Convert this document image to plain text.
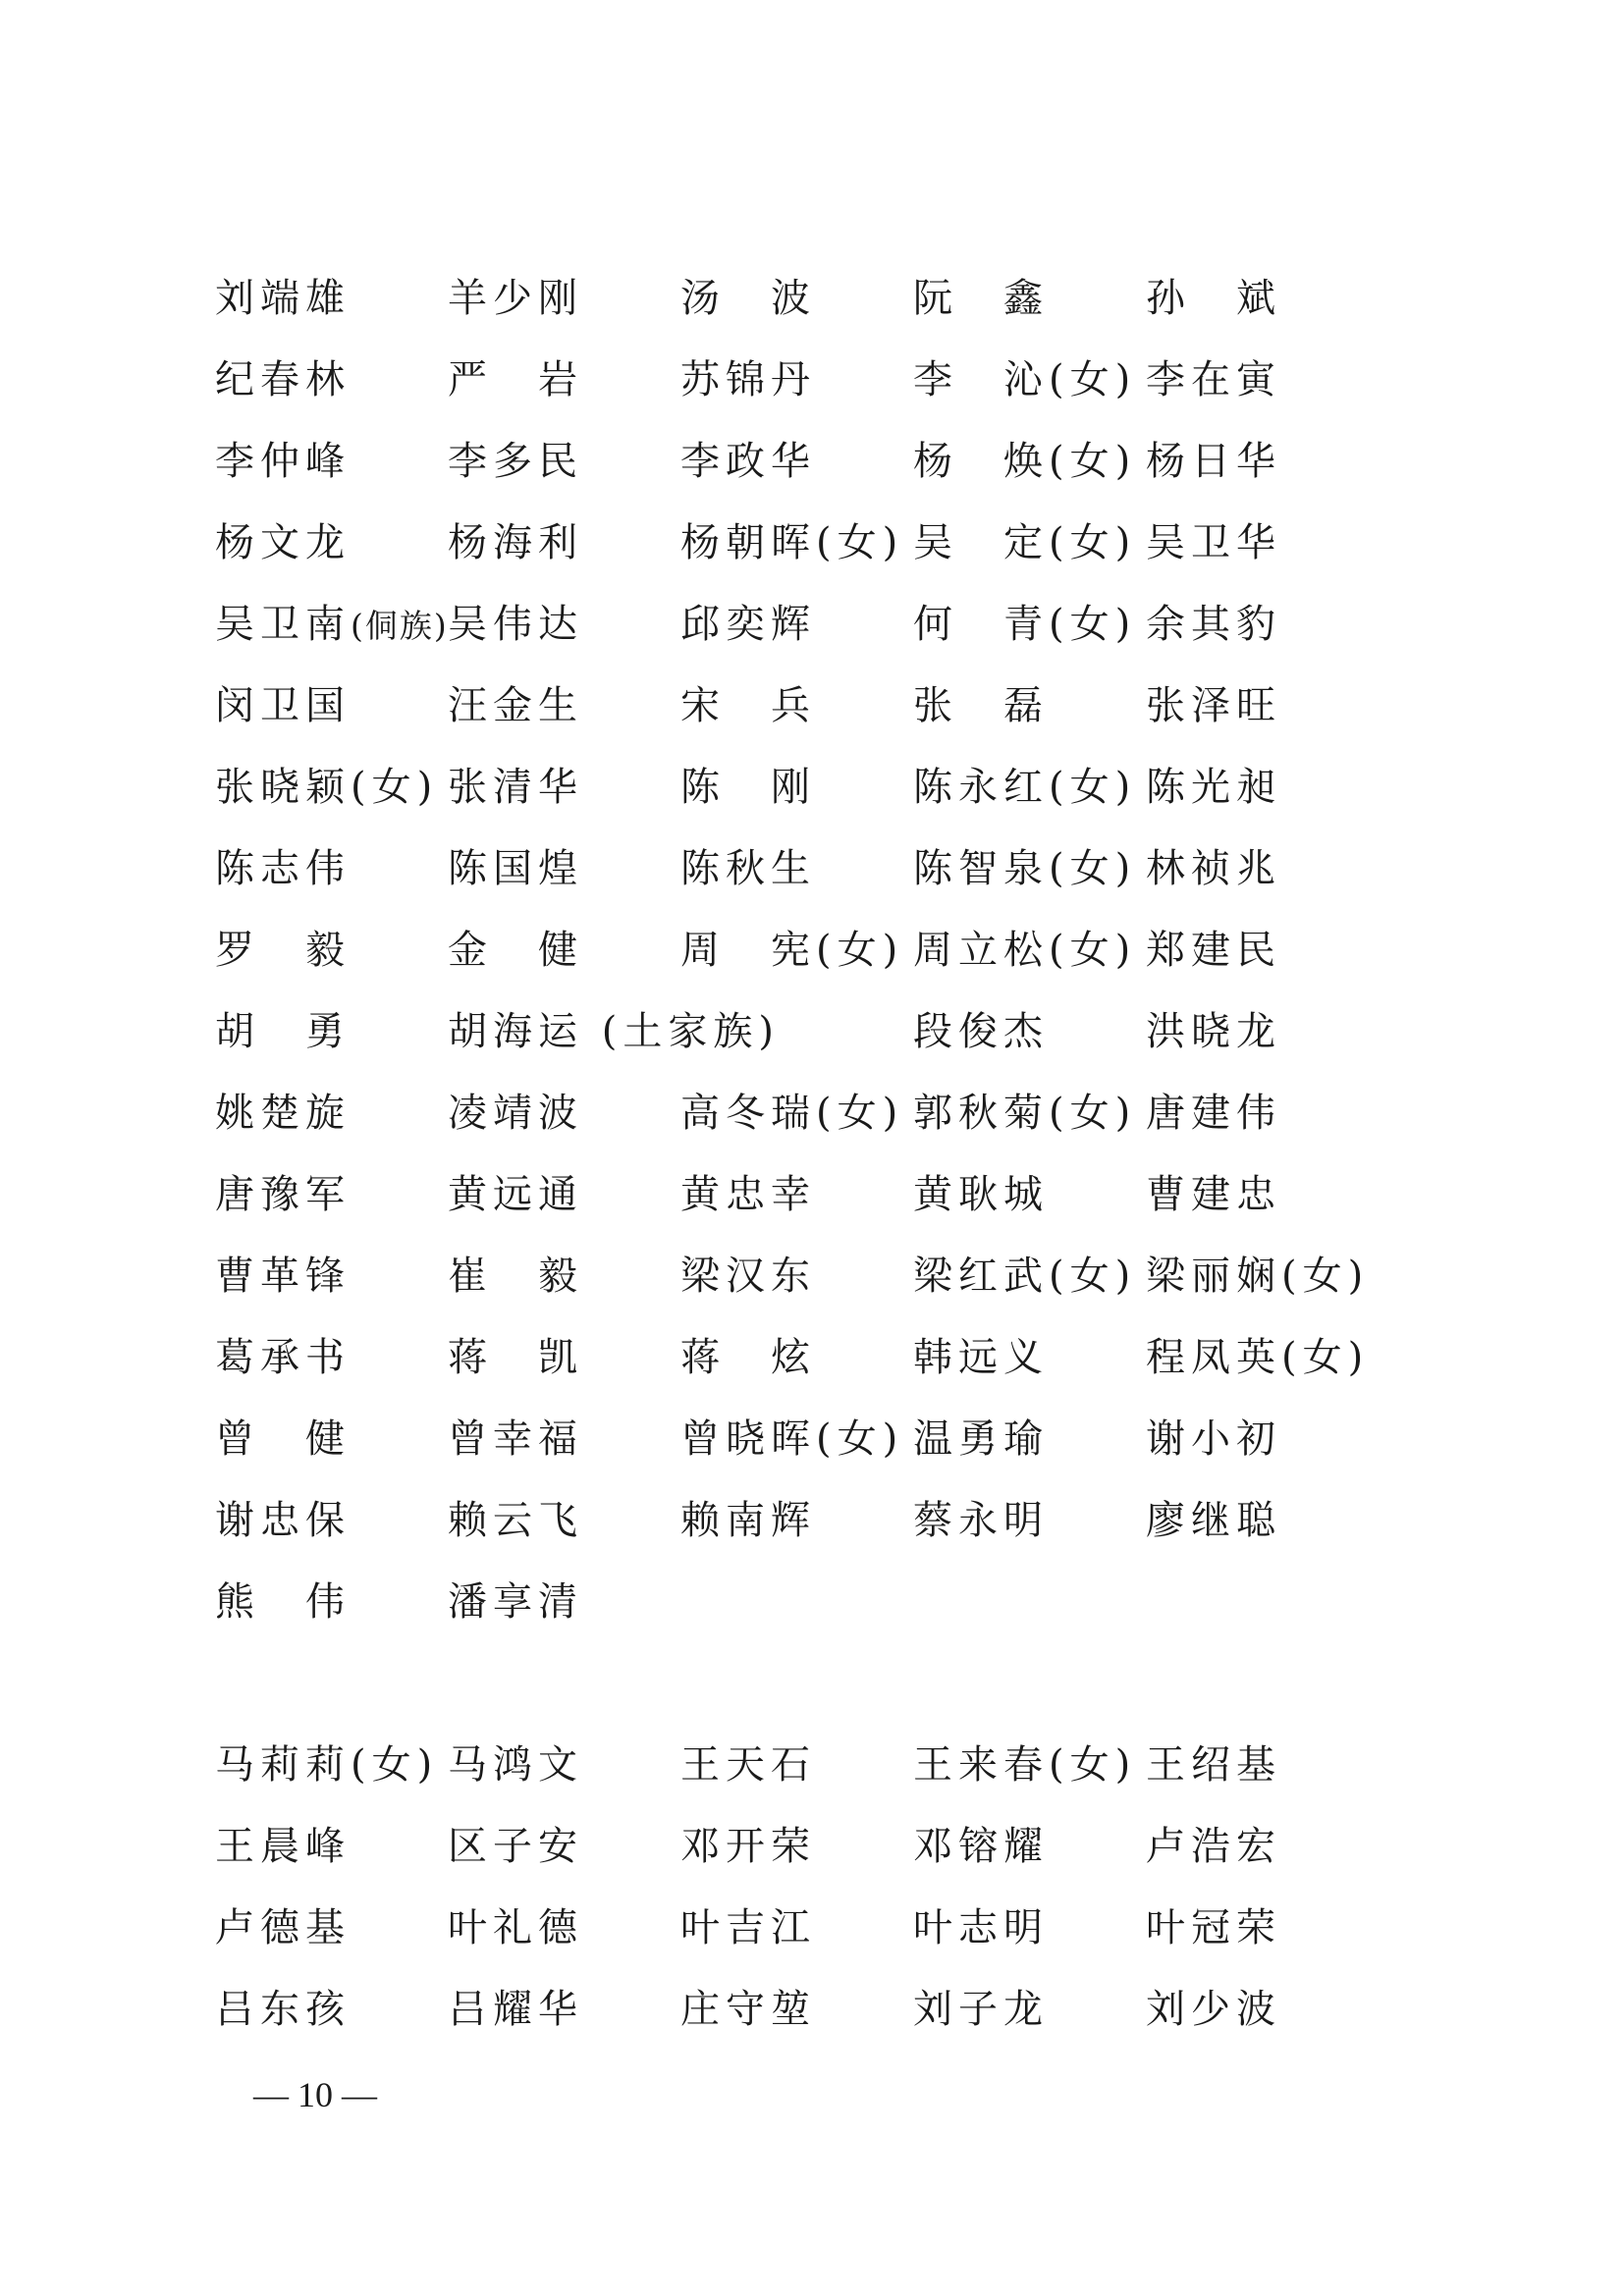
刘端雄 羊少刚 汤　波 阮　鑫 孙　斌
纪春林 严　岩 苏锦丹 李　沁(女) 李在寅
李仲峰 李多民 李政华 杨　焕(女) 杨日华
杨文龙 杨海利 杨朝晖(女) 吴　定(女) 吴卫华
吴卫南(侗族) 吴伟达 邱奕辉 何　青(女) 余其豹
闵卫国 汪金生 宋　兵 张　磊 张泽旺
张晓颖(女) 张清华 陈　刚 陈永红(女) 陈光昶
陈志伟 陈国煌 陈秋生 陈智泉(女) 林祯兆
罗　毅 金　健 周　宪(女) 周立松(女) 郑建民
胡　勇 胡海运 (土家族)	段俊杰 洪晓龙
姚楚旋 凌靖波 高冬瑞(女) 郭秋菊(女) 唐建伟
唐豫军 黄远通 黄忠幸 黄耿城 曹建忠
曹革锋 崔　毅 梁汉东 梁红武(女) 梁丽娴(女)
葛承书 蒋　凯 蒋　炫 韩远义 程凤英(女)
曾　健 曾幸福 曾晓晖(女) 温勇瑜 谢小初
谢忠保 赖云飞 赖南辉 蔡永明 廖继聪
熊　伟 潘享清
马莉莉(女) 马鸿文 王天石 王来春(女) 王绍基
王晨峰 区子安 邓开荣 邓镕耀 卢浩宏
卢德基 叶礼德 叶吉江 叶志明 叶冠荣
吕东孩 吕耀华 庄守堃 刘子龙 刘少波
— 10 —
